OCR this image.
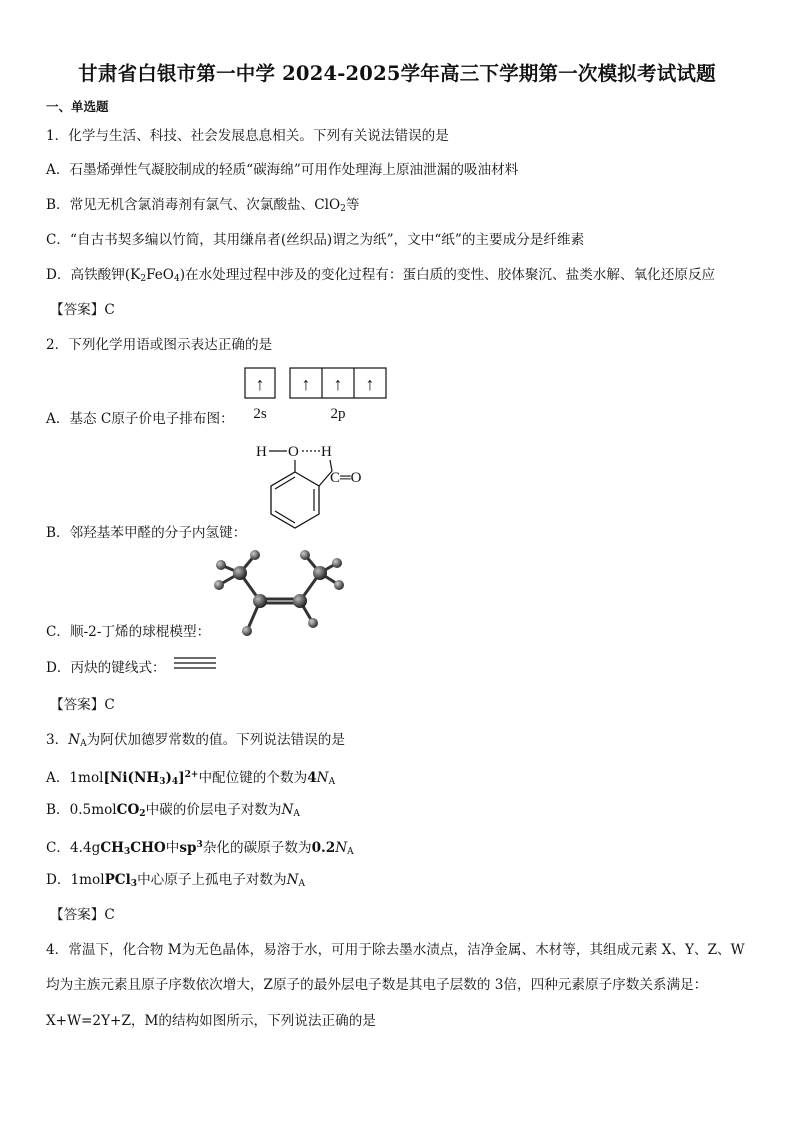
甘肃省白银市第一中学 2024-2025学年高三下学期第一次模拟考试试题
一、单选题
1．化学与生活、科技、社会发展息息相关。下列有关说法错误的是
A．石墨烯弹性气凝胶制成的轻质“碳海绵”可用作处理海上原油泄漏的吸油材料
B．常见无机含氯消毒剂有氯气、次氯酸盐、ClO$_2$等
C．“自古书契多编以竹简，其用缣帛者(丝织品)谓之为纸”，文中“纸”的主要成分是纤维素
D．高铁酸钾$(K_2FeO_4)$在水处理过程中涉及的变化过程有：蛋白质的变性、胶体聚沉、盐类水解、氧化还原反应
【答案】C
2．下列化学用语或图示表达正确的是
↑ ↑ ↑ ↑
2s	2p
A．基态 C原子价电子排布图：
H O H
C═O
B．邻羟基苯甲醛的分子内氢键：
C．顺-2-丁烯的球棍模型：
D．丙炔的键线式：
【答案】C
3．$N_A$为阿伏加德罗常数的值。下列说法错误的是
A．$1mol[Ni(NH_3)_4]^{2+}$中配位键的个数为$4N_A$
B．0.5molCO$_2$中碳的价层电子对数为$N_A$
C．4.4gCH$_3$CHO中$sp^3$杂化的碳原子数为$0.2N_A$
D．1molPCl$_3$中心原子上孤电子对数为$N_A$
【答案】C
4．常温下，化合物 M为无色晶体，易溶于水，可用于除去墨水渍点，洁净金属、木材等，其组成元素 X、Y、Z、W
均为主族元素且原子序数依次增大，Z原子的最外层电子数是其电子层数的 3倍，四种元素原子序数关系满足：
X+W=2Y+Z，M的结构如图所示，下列说法正确的是
